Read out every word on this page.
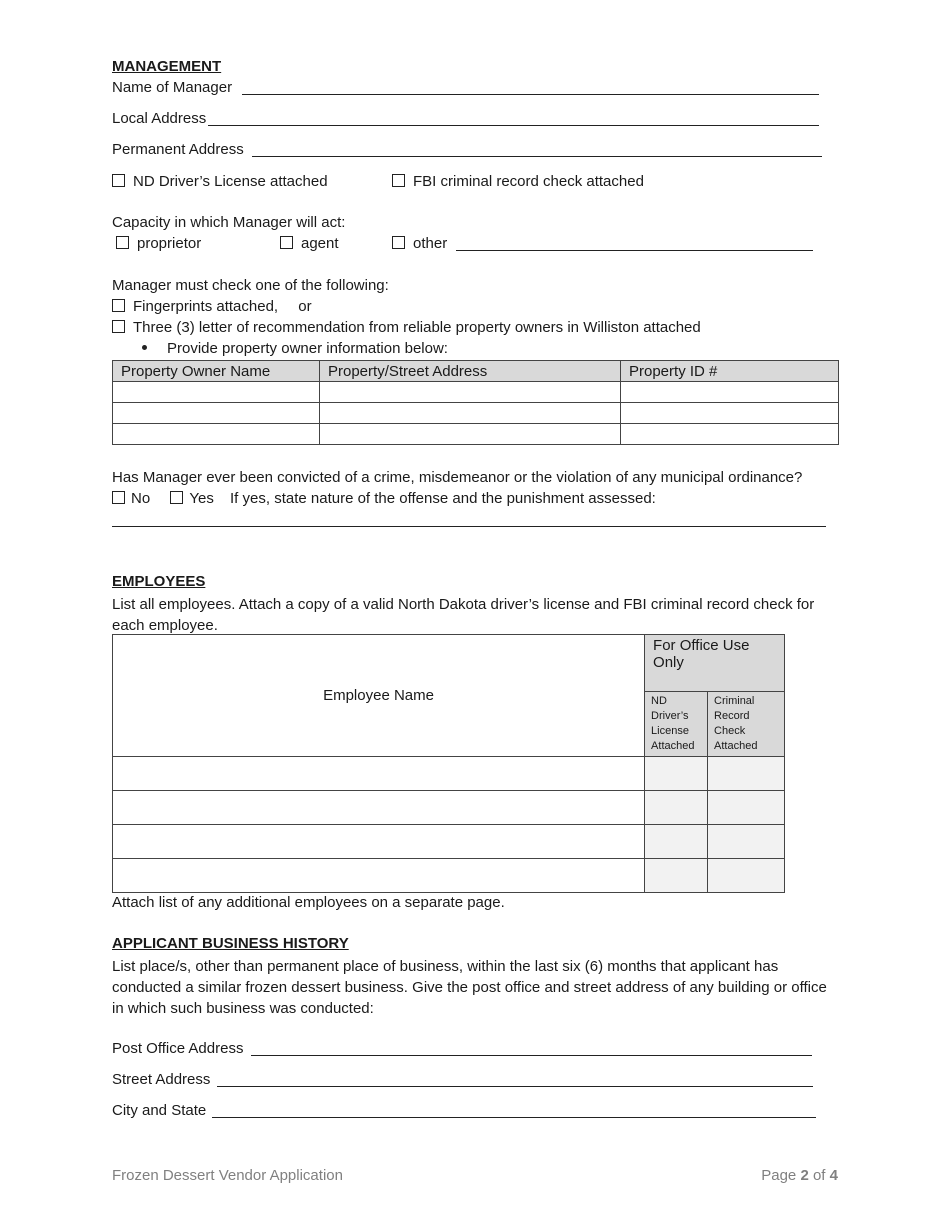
MANAGEMENT
Name of Manager
Local Address
Permanent Address
ND Driver’s License attached	FBI criminal record check attached
Capacity in which Manager will act:
proprietor	agent	other
Manager must check one of the following:
Fingerprints attached, or
Three (3) letter of recommendation from reliable property owners in Williston attached
Provide property owner information below:
Property Owner Name	Property/Street Address	Property ID #

Has Manager ever been convicted of a crime, misdemeanor or the violation of any municipal ordinance?
No	Yes If yes, state nature of the offense and the punishment assessed:
EMPLOYEES
List all employees. Attach a copy of a valid North Dakota driver’s license and FBI criminal record check for each employee.
Employee Name	For Office Use Only	
	ND Driver’s License Attached	Criminal Record Check Attached

Attach list of any additional employees on a separate page.
APPLICANT BUSINESS HISTORY
List place/s, other than permanent place of business, within the last six (6) months that applicant has conducted a similar frozen dessert business. Give the post office and street address of any building or office in which such business was conducted:
Post Office Address
Street Address
City and State
Frozen Dessert Vendor Application	Page 2 of 4
